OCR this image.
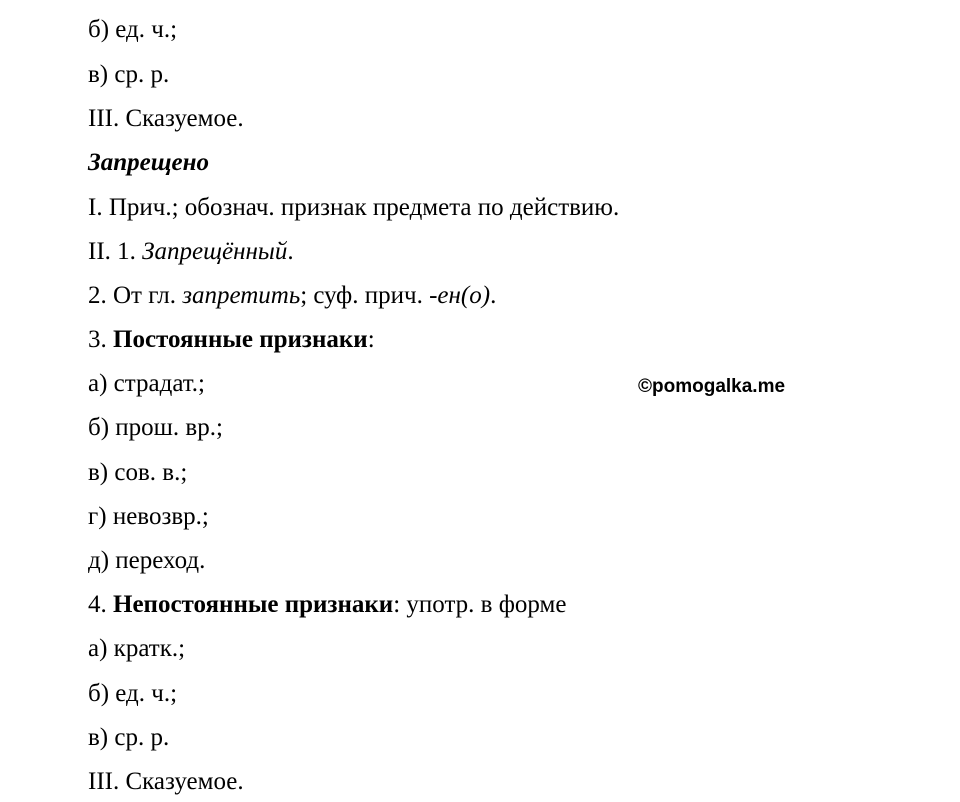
б) ед. ч.;
в) ср. р.
III. Сказуемое.
Запрещено
I. Прич.; обознач. признак предмета по действию.
II. 1. Запрещённый.
2. От гл. запретить; суф. прич. -ен(о).
3. Постоянные признаки:
а) страдат.;
б) прош. вр.;
в) сов. в.;
г) невозвр.;
д) переход.
4. Непостоянные признаки: употр. в форме
а) кратк.;
б) ед. ч.;
в) ср. р.
III. Сказуемое.
©pomogalka.me
